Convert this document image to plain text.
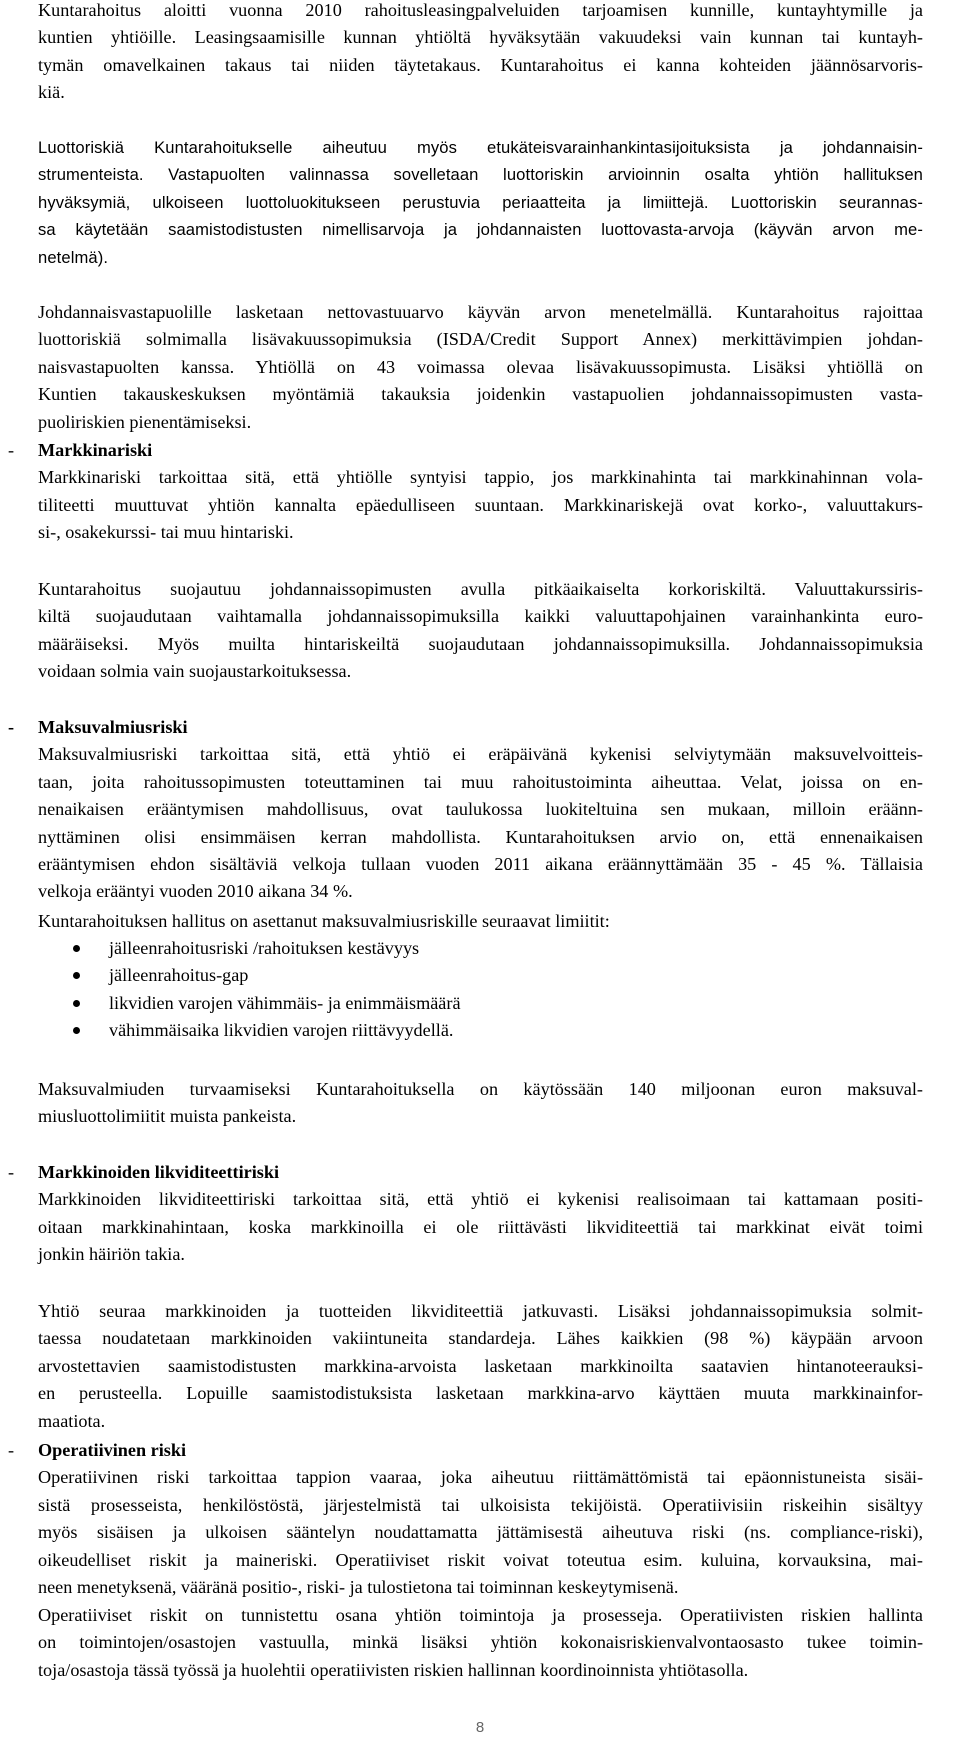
Kuntarahoitus aloitti vuonna 2010 rahoitusleasingpalveluiden tarjoamisen kunnille, kuntayhtymille ja
kuntien yhtiöille. Leasingsaamisille kunnan yhtiöltä hyväksytään vakuudeksi vain kunnan tai kuntayh-
tymän omavelkainen takaus tai niiden täytetakaus. Kuntarahoitus ei kanna kohteiden jäännösarvoris-
kiä.
Luottoriskiä Kuntarahoitukselle aiheutuu myös etukäteisvarainhankintasijoituksista ja johdannaisin-
strumenteista. Vastapuolten valinnassa sovelletaan luottoriskin arvioinnin osalta yhtiön hallituksen
hyväksymiä, ulkoiseen luottoluokitukseen perustuvia periaatteita ja limiittejä. Luottoriskin seurannas-
sa käytetään saamistodistusten nimellisarvoja ja johdannaisten luottovasta-arvoja (käyvän arvon me-
netelmä).
Johdannaisvastapuolille lasketaan nettovastuuarvo käyvän arvon menetelmällä. Kuntarahoitus rajoittaa
luottoriskiä solmimalla lisävakuussopimuksia (ISDA/Credit Support Annex) merkittävimpien johdan-
naisvastapuolten kanssa. Yhtiöllä on 43 voimassa olevaa lisävakuussopimusta. Lisäksi yhtiöllä on
Kuntien takauskeskuksen myöntämiä takauksia joidenkin vastapuolien johdannaissopimusten vasta-
puoliriskien pienentämiseksi.
- Markkinariski
Markkinariski tarkoittaa sitä, että yhtiölle syntyisi tappio, jos markkinahinta tai markkinahinnan vola-
tiliteetti muuttuvat yhtiön kannalta epäedulliseen suuntaan. Markkinariskejä ovat korko-, valuuttakurs-
si-, osakekurssi- tai muu hintariski.
Kuntarahoitus suojautuu johdannaissopimusten avulla pitkäaikaiselta korkoriskiltä. Valuuttakurssiris-
kiltä suojaudutaan vaihtamalla johdannaissopimuksilla kaikki valuuttapohjainen varainhankinta euro-
määräiseksi. Myös muilta hintariskeiltä suojaudutaan johdannaissopimuksilla. Johdannaissopimuksia
voidaan solmia vain suojaustarkoituksessa.
- Maksuvalmiusriski
Maksuvalmiusriski tarkoittaa sitä, että yhtiö ei eräpäivänä kykenisi selviytymään maksuvelvoitteis-
taan, joita rahoitussopimusten toteuttaminen tai muu rahoitustoiminta aiheuttaa. Velat, joissa on en-
nenaikaisen erääntymisen mahdollisuus, ovat taulukossa luokiteltuina sen mukaan, milloin eräänn-
nyttäminen olisi ensimmäisen kerran mahdollista. Kuntarahoituksen arvio on, että ennenaikaisen
erääntymisen ehdon sisältäviä velkoja tullaan vuoden 2011 aikana eräännyttämään 35 - 45 %. Tällaisia
velkoja erääntyi vuoden 2010 aikana 34 %.
Kuntarahoituksen hallitus on asettanut maksuvalmiusriskille seuraavat limiitit:
jälleenrahoitusriski /rahoituksen kestävyys
jälleenrahoitus-gap
likvidien varojen vähimmäis- ja enimmäismäärä
vähimmäisaika likvidien varojen riittävyydellä.
Maksuvalmiuden turvaamiseksi Kuntarahoituksella on käytössään 140 miljoonan euron maksuval-
miusluottolimiitit muista pankeista.
- Markkinoiden likviditeettiriski
Markkinoiden likviditeettiriski tarkoittaa sitä, että yhtiö ei kykenisi realisoimaan tai kattamaan positi-
oitaan markkinahintaan, koska markkinoilla ei ole riittävästi likviditeettiä tai markkinat eivät toimi
jonkin häiriön takia.
Yhtiö seuraa markkinoiden ja tuotteiden likviditeettiä jatkuvasti. Lisäksi johdannaissopimuksia solmit-
taessa noudatetaan markkinoiden vakiintuneita standardeja. Lähes kaikkien (98 %) käypään arvoon
arvostettavien saamistodistusten markkina-arvoista lasketaan markkinoilta saatavien hintanoteerauksi-
en perusteella. Lopuille saamistodistuksista lasketaan markkina-arvo käyttäen muuta markkinainfor-
maatiota.
- Operatiivinen riski
Operatiivinen riski tarkoittaa tappion vaaraa, joka aiheutuu riittämättömistä tai epäonnistuneista sisäi-
sistä prosesseista, henkilöstöstä, järjestelmistä tai ulkoisista tekijöistä. Operatiivisiin riskeihin sisältyy
myös sisäisen ja ulkoisen sääntelyn noudattamatta jättämisestä aiheutuva riski (ns. compliance-riski),
oikeudelliset riskit ja maineriski. Operatiiviset riskit voivat toteutua esim. kuluina, korvauksina, mai-
neen menetyksenä, vääränä positio-, riski- ja tulostietona tai toiminnan keskeytymisenä.
Operatiiviset riskit on tunnistettu osana yhtiön toimintoja ja prosesseja. Operatiivisten riskien hallinta
on toimintojen/osastojen vastuulla, minkä lisäksi yhtiön kokonaisriskienvalvontaosasto tukee toimin-
toja/osastoja tässä työssä ja huolehtii operatiivisten riskien hallinnan koordinoinnista yhtiötasolla.
8
